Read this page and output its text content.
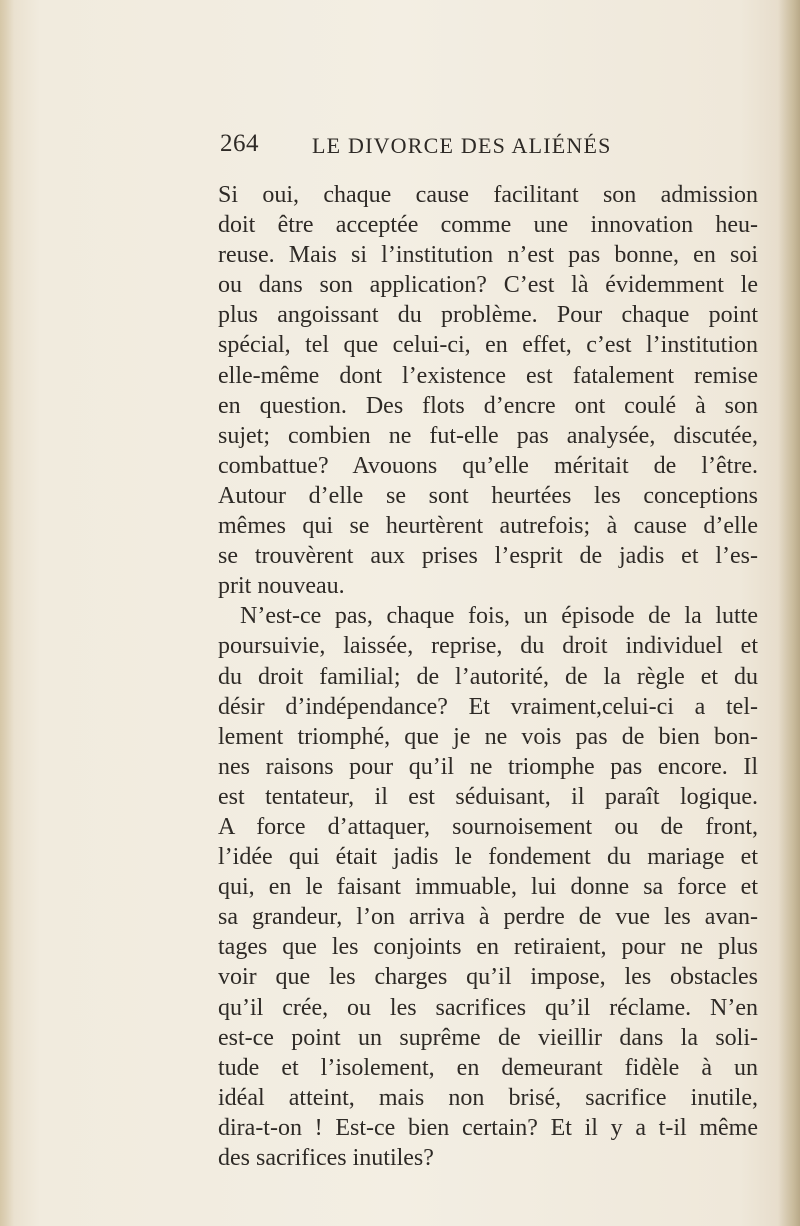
264 LE DIVORCE DES ALIÉNÉS
Si oui, chaque cause facilitant son admission
doit être acceptée comme une innovation heu-
reuse. Mais si l’institution n’est pas bonne, en soi
ou dans son application? C’est là évidemment le
plus angoissant du problème. Pour chaque point
spécial, tel que celui-ci, en effet, c’est l’institution
elle-même dont l’existence est fatalement remise
en question. Des flots d’encre ont coulé à son
sujet; combien ne fut-elle pas analysée, discutée,
combattue? Avouons qu’elle méritait de l’être.
Autour d’elle se sont heurtées les conceptions
mêmes qui se heurtèrent autrefois; à cause d’elle
se trouvèrent aux prises l’esprit de jadis et l’es-
prit nouveau.
N’est-ce pas, chaque fois, un épisode de la lutte
poursuivie, laissée, reprise, du droit individuel et
du droit familial; de l’autorité, de la règle et du
désir d’indépendance? Et vraiment,celui-ci a tel-
lement triomphé, que je ne vois pas de bien bon-
nes raisons pour qu’il ne triomphe pas encore. Il
est tentateur, il est séduisant, il paraît logique.
A force d’attaquer, sournoisement ou de front,
l’idée qui était jadis le fondement du mariage et
qui, en le faisant immuable, lui donne sa force et
sa grandeur, l’on arriva à perdre de vue les avan-
tages que les conjoints en retiraient, pour ne plus
voir que les charges qu’il impose, les obstacles
qu’il crée, ou les sacrifices qu’il réclame. N’en
est-ce point un suprême de vieillir dans la soli-
tude et l’isolement, en demeurant fidèle à un
idéal atteint, mais non brisé, sacrifice inutile,
dira-t-on ! Est-ce bien certain? Et il y a t-il même
des sacrifices inutiles?
